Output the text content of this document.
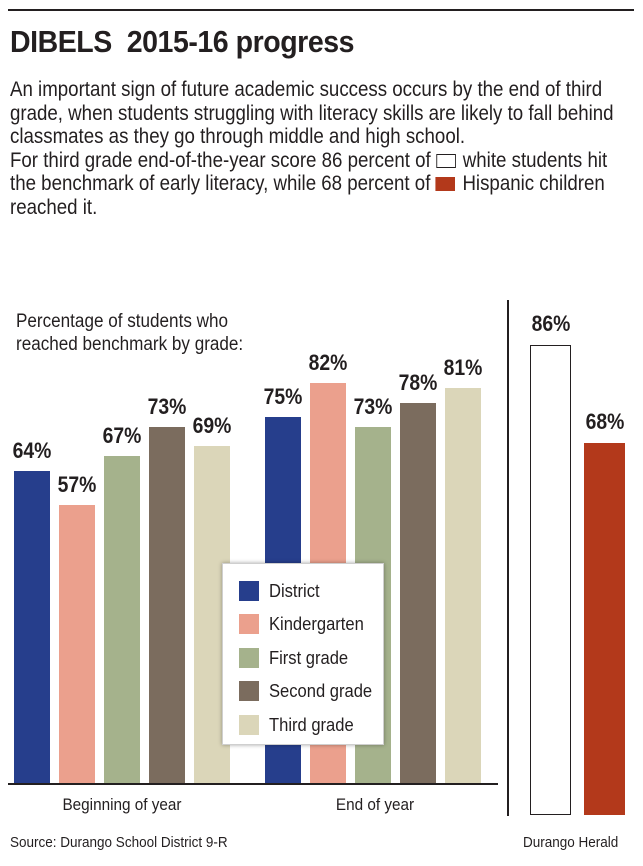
DIBELS  2015-16 progress

An important sign of future academic success occurs by the end of third grade, when students struggling with literacy skills are likely to fall behind classmates as they go through middle and high school.

For third grade end-of-the-year score 86 percent of white students hit the benchmark of early literacy, while 68 percent of Hispanic children reached it.

Percentage of students who reached benchmark by grade:
64%
57%
67%
73%
69%
75%
82%
73%
78%
81%
Beginning of year	End of year
District
Kindergarten
First grade
Second grade
Third grade
86%
68%
Source: Durango School District 9-R	Durango Herald
